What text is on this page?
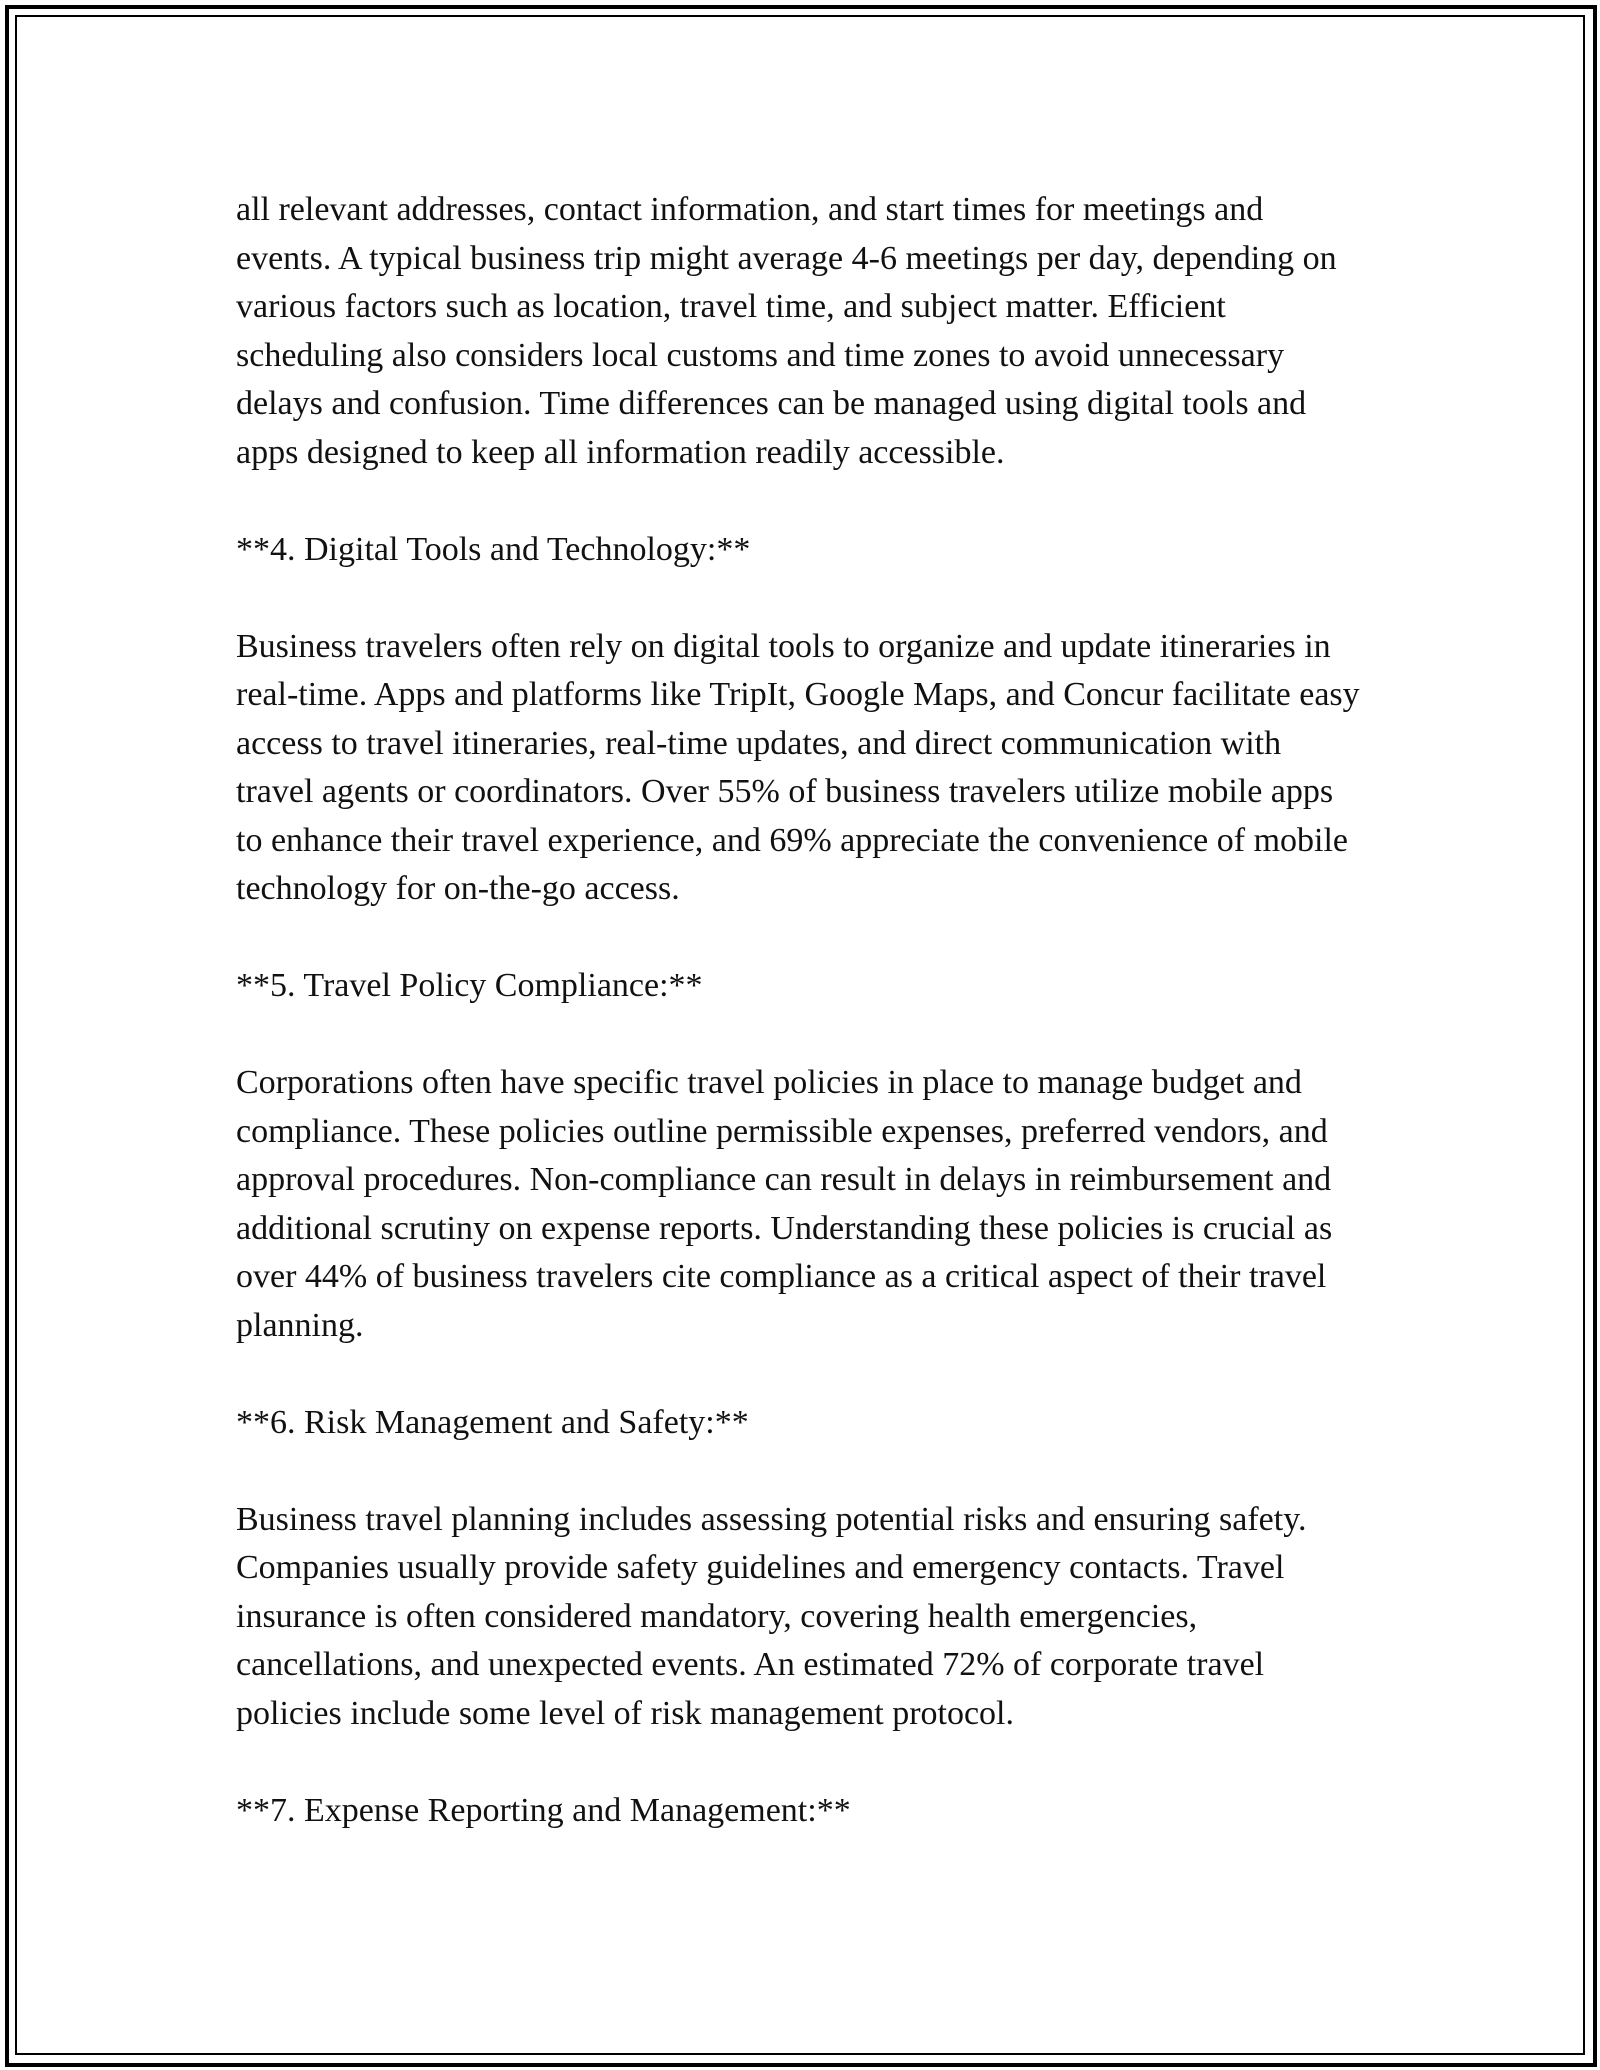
all relevant addresses, contact information, and start times for meetings and events. A typical business trip might average 4-6 meetings per day, depending on various factors such as location, travel time, and subject matter. Efficient scheduling also considers local customs and time zones to avoid unnecessary delays and confusion. Time differences can be managed using digital tools and apps designed to keep all information readily accessible.

**4. Digital Tools and Technology:**

Business travelers often rely on digital tools to organize and update itineraries in real-time. Apps and platforms like TripIt, Google Maps, and Concur facilitate easy access to travel itineraries, real-time updates, and direct communication with travel agents or coordinators. Over 55% of business travelers utilize mobile apps to enhance their travel experience, and 69% appreciate the convenience of mobile technology for on-the-go access.

**5. Travel Policy Compliance:**

Corporations often have specific travel policies in place to manage budget and compliance. These policies outline permissible expenses, preferred vendors, and approval procedures. Non-compliance can result in delays in reimbursement and additional scrutiny on expense reports. Understanding these policies is crucial as over 44% of business travelers cite compliance as a critical aspect of their travel planning.

**6. Risk Management and Safety:**

Business travel planning includes assessing potential risks and ensuring safety. Companies usually provide safety guidelines and emergency contacts. Travel insurance is often considered mandatory, covering health emergencies, cancellations, and unexpected events. An estimated 72% of corporate travel policies include some level of risk management protocol.

**7. Expense Reporting and Management:**
